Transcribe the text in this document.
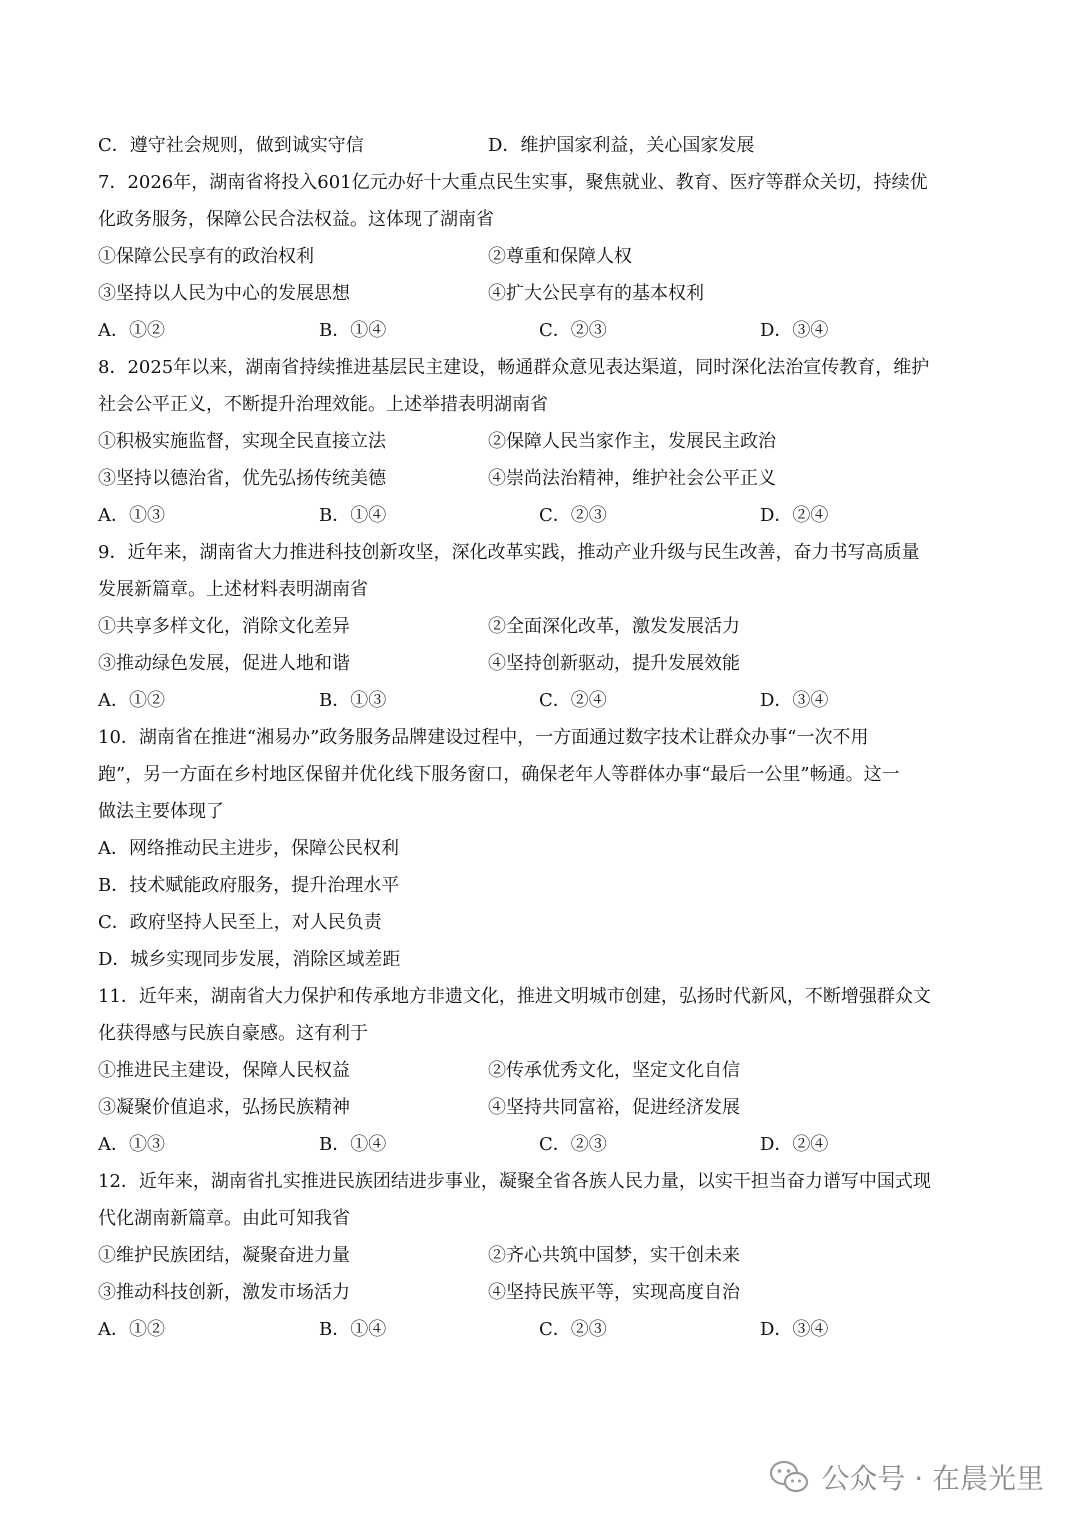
C．遵守社会规则，做到诚实守信	D．维护国家利益，关心国家发展
7．2026年，湖南省将投入601亿元办好十大重点民生实事，聚焦就业、教育、医疗等群众关切，持续优
化政务服务，保障公民合法权益。这体现了湖南省
①保障公民享有的政治权利	②尊重和保障人权
③坚持以人民为中心的发展思想	④扩大公民享有的基本权利
A．①②	B．①④	C．②③	D．③④
8．2025年以来，湖南省持续推进基层民主建设，畅通群众意见表达渠道，同时深化法治宣传教育，维护
社会公平正义，不断提升治理效能。上述举措表明湖南省
①积极实施监督，实现全民直接立法	②保障人民当家作主，发展民主政治
③坚持以德治省，优先弘扬传统美德	④崇尚法治精神，维护社会公平正义
A．①③	B．①④	C．②③	D．②④
9．近年来，湖南省大力推进科技创新攻坚，深化改革实践，推动产业升级与民生改善，奋力书写高质量
发展新篇章。上述材料表明湖南省
①共享多样文化，消除文化差异	②全面深化改革，激发发展活力
③推动绿色发展，促进人地和谐	④坚持创新驱动，提升发展效能
A．①②	B．①③	C．②④	D．③④
10．湖南省在推进“湘易办”政务服务品牌建设过程中，一方面通过数字技术让群众办事“一次不用
跑”，另一方面在乡村地区保留并优化线下服务窗口，确保老年人等群体办事“最后一公里”畅通。这一
做法主要体现了
A．网络推动民主进步，保障公民权利
B．技术赋能政府服务，提升治理水平
C．政府坚持人民至上，对人民负责
D．城乡实现同步发展，消除区域差距
11．近年来，湖南省大力保护和传承地方非遗文化，推进文明城市创建，弘扬时代新风，不断增强群众文
化获得感与民族自豪感。这有利于
①推进民主建设，保障人民权益	②传承优秀文化，坚定文化自信
③凝聚价值追求，弘扬民族精神	④坚持共同富裕，促进经济发展
A．①③	B．①④	C．②③	D．②④
12．近年来，湖南省扎实推进民族团结进步事业，凝聚全省各族人民力量，以实干担当奋力谱写中国式现
代化湖南新篇章。由此可知我省
①维护民族团结，凝聚奋进力量	②齐心共筑中国梦，实干创未来
③推动科技创新，激发市场活力	④坚持民族平等，实现高度自治
A．①②	B．①④	C．②③	D．③④
公众号 · 在晨光里
